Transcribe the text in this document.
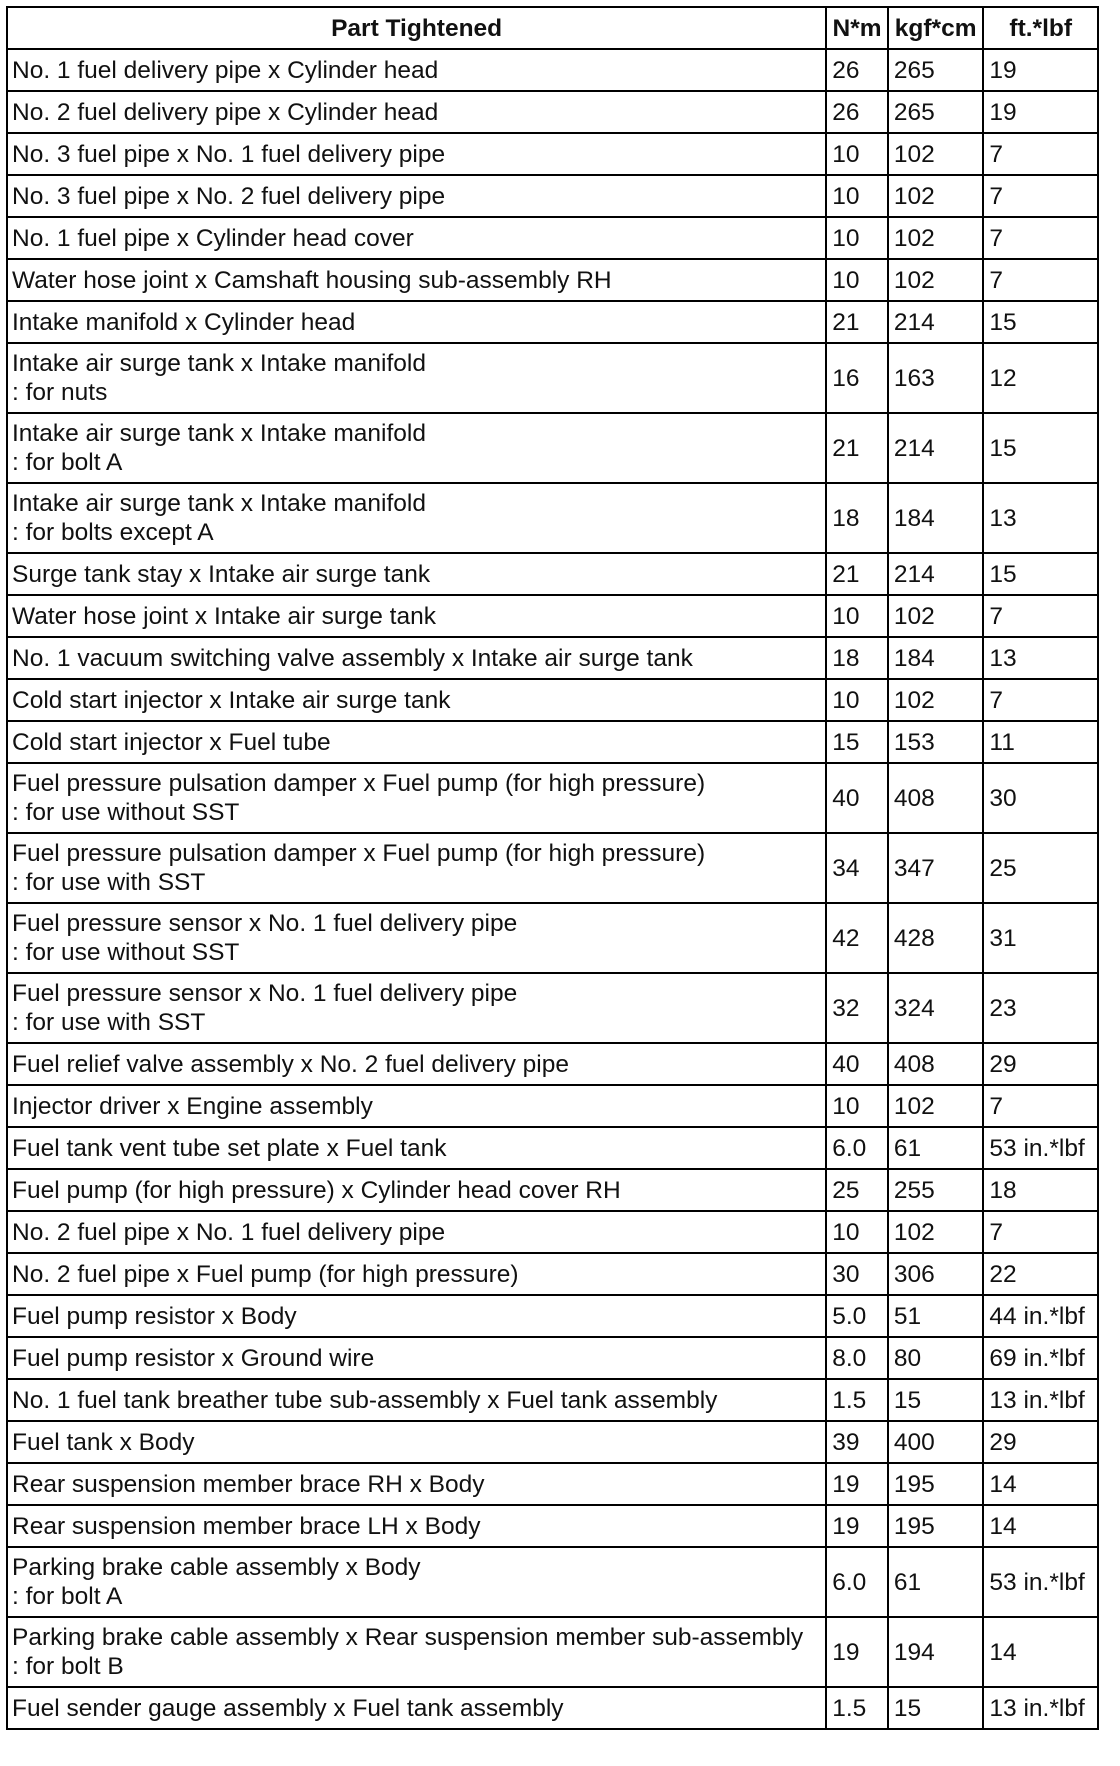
Part Tightened	N*m	kgf*cm	ft.*lbf

No. 1 fuel delivery pipe x Cylinder head	26	265	19

No. 2 fuel delivery pipe x Cylinder head	26	265	19

No. 3 fuel pipe x No. 1 fuel delivery pipe	10	102	7

No. 3 fuel pipe x No. 2 fuel delivery pipe	10	102	7

No. 1 fuel pipe x Cylinder head cover	10	102	7

Water hose joint x Camshaft housing sub-assembly RH	10	102	7

Intake manifold x Cylinder head	21	214	15

Intake air surge tank x Intake manifold
: for nuts	16	163	12

Intake air surge tank x Intake manifold
: for bolt A	21	214	15

Intake air surge tank x Intake manifold
: for bolts except A	18	184	13

Surge tank stay x Intake air surge tank	21	214	15

Water hose joint x Intake air surge tank	10	102	7

No. 1 vacuum switching valve assembly x Intake air surge tank	18	184	13

Cold start injector x Intake air surge tank	10	102	7

Cold start injector x Fuel tube	15	153	11

Fuel pressure pulsation damper x Fuel pump (for high pressure)
: for use without SST	40	408	30

Fuel pressure pulsation damper x Fuel pump (for high pressure)
: for use with SST	34	347	25

Fuel pressure sensor x No. 1 fuel delivery pipe
: for use without SST	42	428	31

Fuel pressure sensor x No. 1 fuel delivery pipe
: for use with SST	32	324	23

Fuel relief valve assembly x No. 2 fuel delivery pipe	40	408	29

Injector driver x Engine assembly	10	102	7

Fuel tank vent tube set plate x Fuel tank	6.0	61	53 in.*lbf

Fuel pump (for high pressure) x Cylinder head cover RH	25	255	18

No. 2 fuel pipe x No. 1 fuel delivery pipe	10	102	7

No. 2 fuel pipe x Fuel pump (for high pressure)	30	306	22

Fuel pump resistor x Body	5.0	51	44 in.*lbf

Fuel pump resistor x Ground wire	8.0	80	69 in.*lbf

No. 1 fuel tank breather tube sub-assembly x Fuel tank assembly	1.5	15	13 in.*lbf

Fuel tank x Body	39	400	29

Rear suspension member brace RH x Body	19	195	14

Rear suspension member brace LH x Body	19	195	14

Parking brake cable assembly x Body
: for bolt A	6.0	61	53 in.*lbf

Parking brake cable assembly x Rear suspension member sub-assembly
: for bolt B	19	194	14

Fuel sender gauge assembly x Fuel tank assembly	1.5	15	13 in.*lbf
